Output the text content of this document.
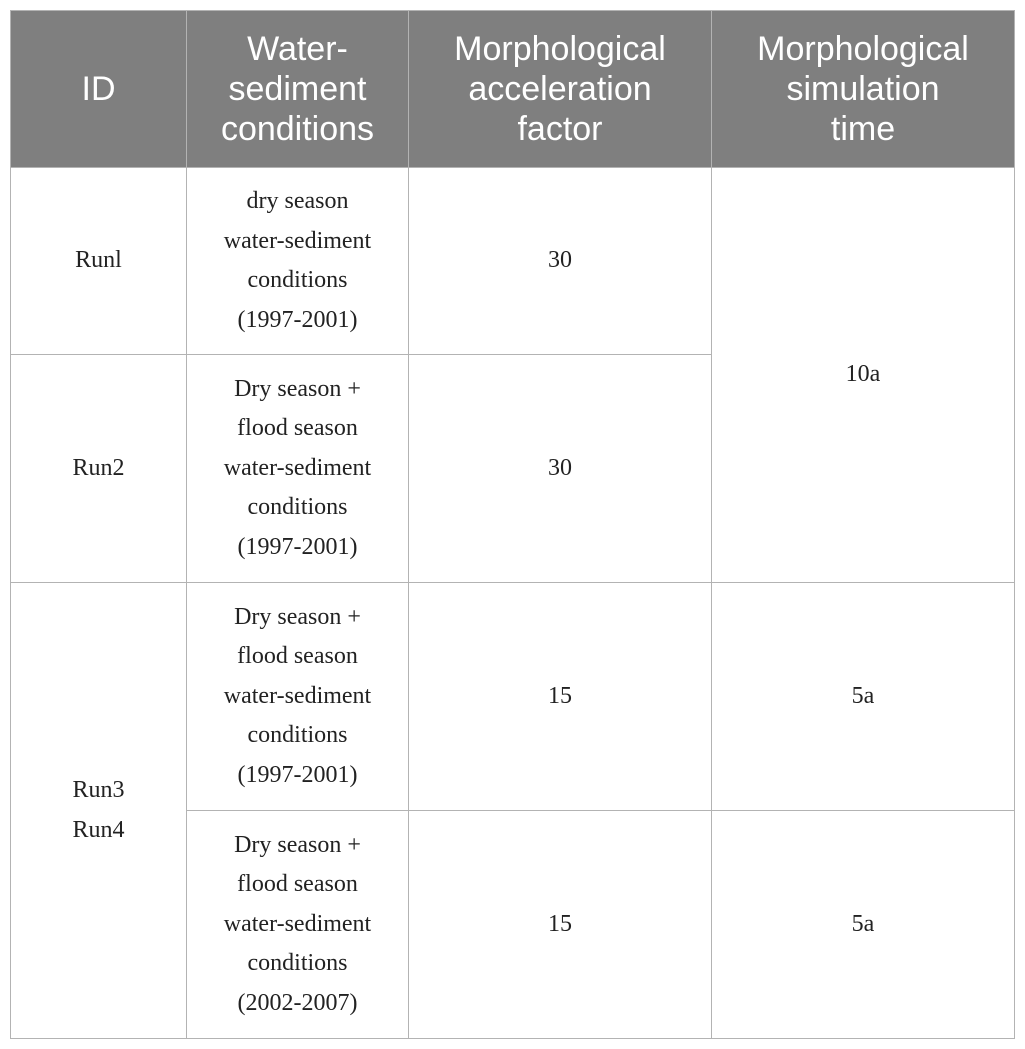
ID	Water-
sediment
conditions	Morphological
acceleration
factor	Morphological
simulation
time

Runl	dry season
water-sediment
conditions
(1997-2001)	30	10a

Run2	Dry season +
flood season
water-sediment
conditions
(1997-2001)	30	

Run3
Run4	Dry season +
flood season
water-sediment
conditions
(1997-2001)	15	5a

	Dry season +
flood season
water-sediment
conditions
(2002-2007)	15	5a
